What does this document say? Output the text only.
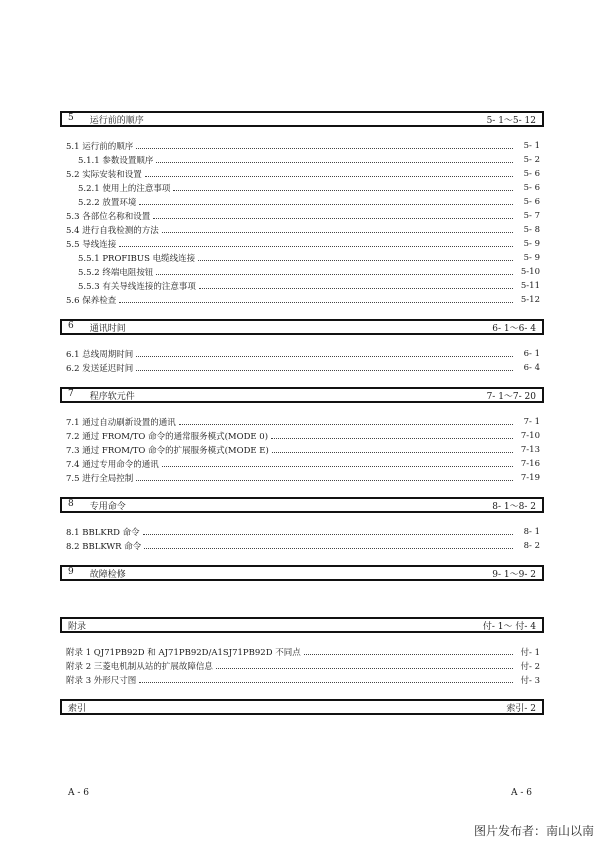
5 运行前的顺序	5- 1～5- 12
5.1 运行前的顺序	5- 1
5.1.1 参数设置顺序	5- 2
5.2 实际安装和设置	5- 6
5.2.1 使用上的注意事项	5- 6
5.2.2 放置环境	5- 6
5.3 各部位名称和设置	5- 7
5.4 进行自我检测的方法	5- 8
5.5 导线连接	5- 9
5.5.1 PROFIBUS 电缆线连接	5- 9
5.5.2 终端电阻按钮	5-10
5.5.3 有关导线连接的注意事项	5-11
5.6 保养检查	5-12
6 通讯时间	6- 1～6- 4
6.1 总线周期时间	6- 1
6.2 发送延迟时间	6- 4
7 程序软元件	7- 1～7- 20
7.1 通过自动刷新设置的通讯	7- 1
7.2 通过 FROM/TO 命令的通常服务模式(MODE 0)	7-10
7.3 通过 FROM/TO 命令的扩展服务模式(MODE E)	7-13
7.4 通过专用命令的通讯	7-16
7.5 进行全局控制	7-19
8 专用命令	8- 1～8- 2
8.1 BBLKRD 命令	8- 1
8.2 BBLKWR 命令	8- 2
9 故障检修	9- 1～9- 2
附录	付- 1～ 付- 4
附录 1 QJ71PB92D 和 AJ71PB92D/A1SJ71PB92D 不同点	付- 1
附录 2 三菱电机制从站的扩展故障信息	付- 2
附录 3 外形尺寸图	付- 3
索引	索引- 2
A - 6	A - 6
图片发布者：南山以南
